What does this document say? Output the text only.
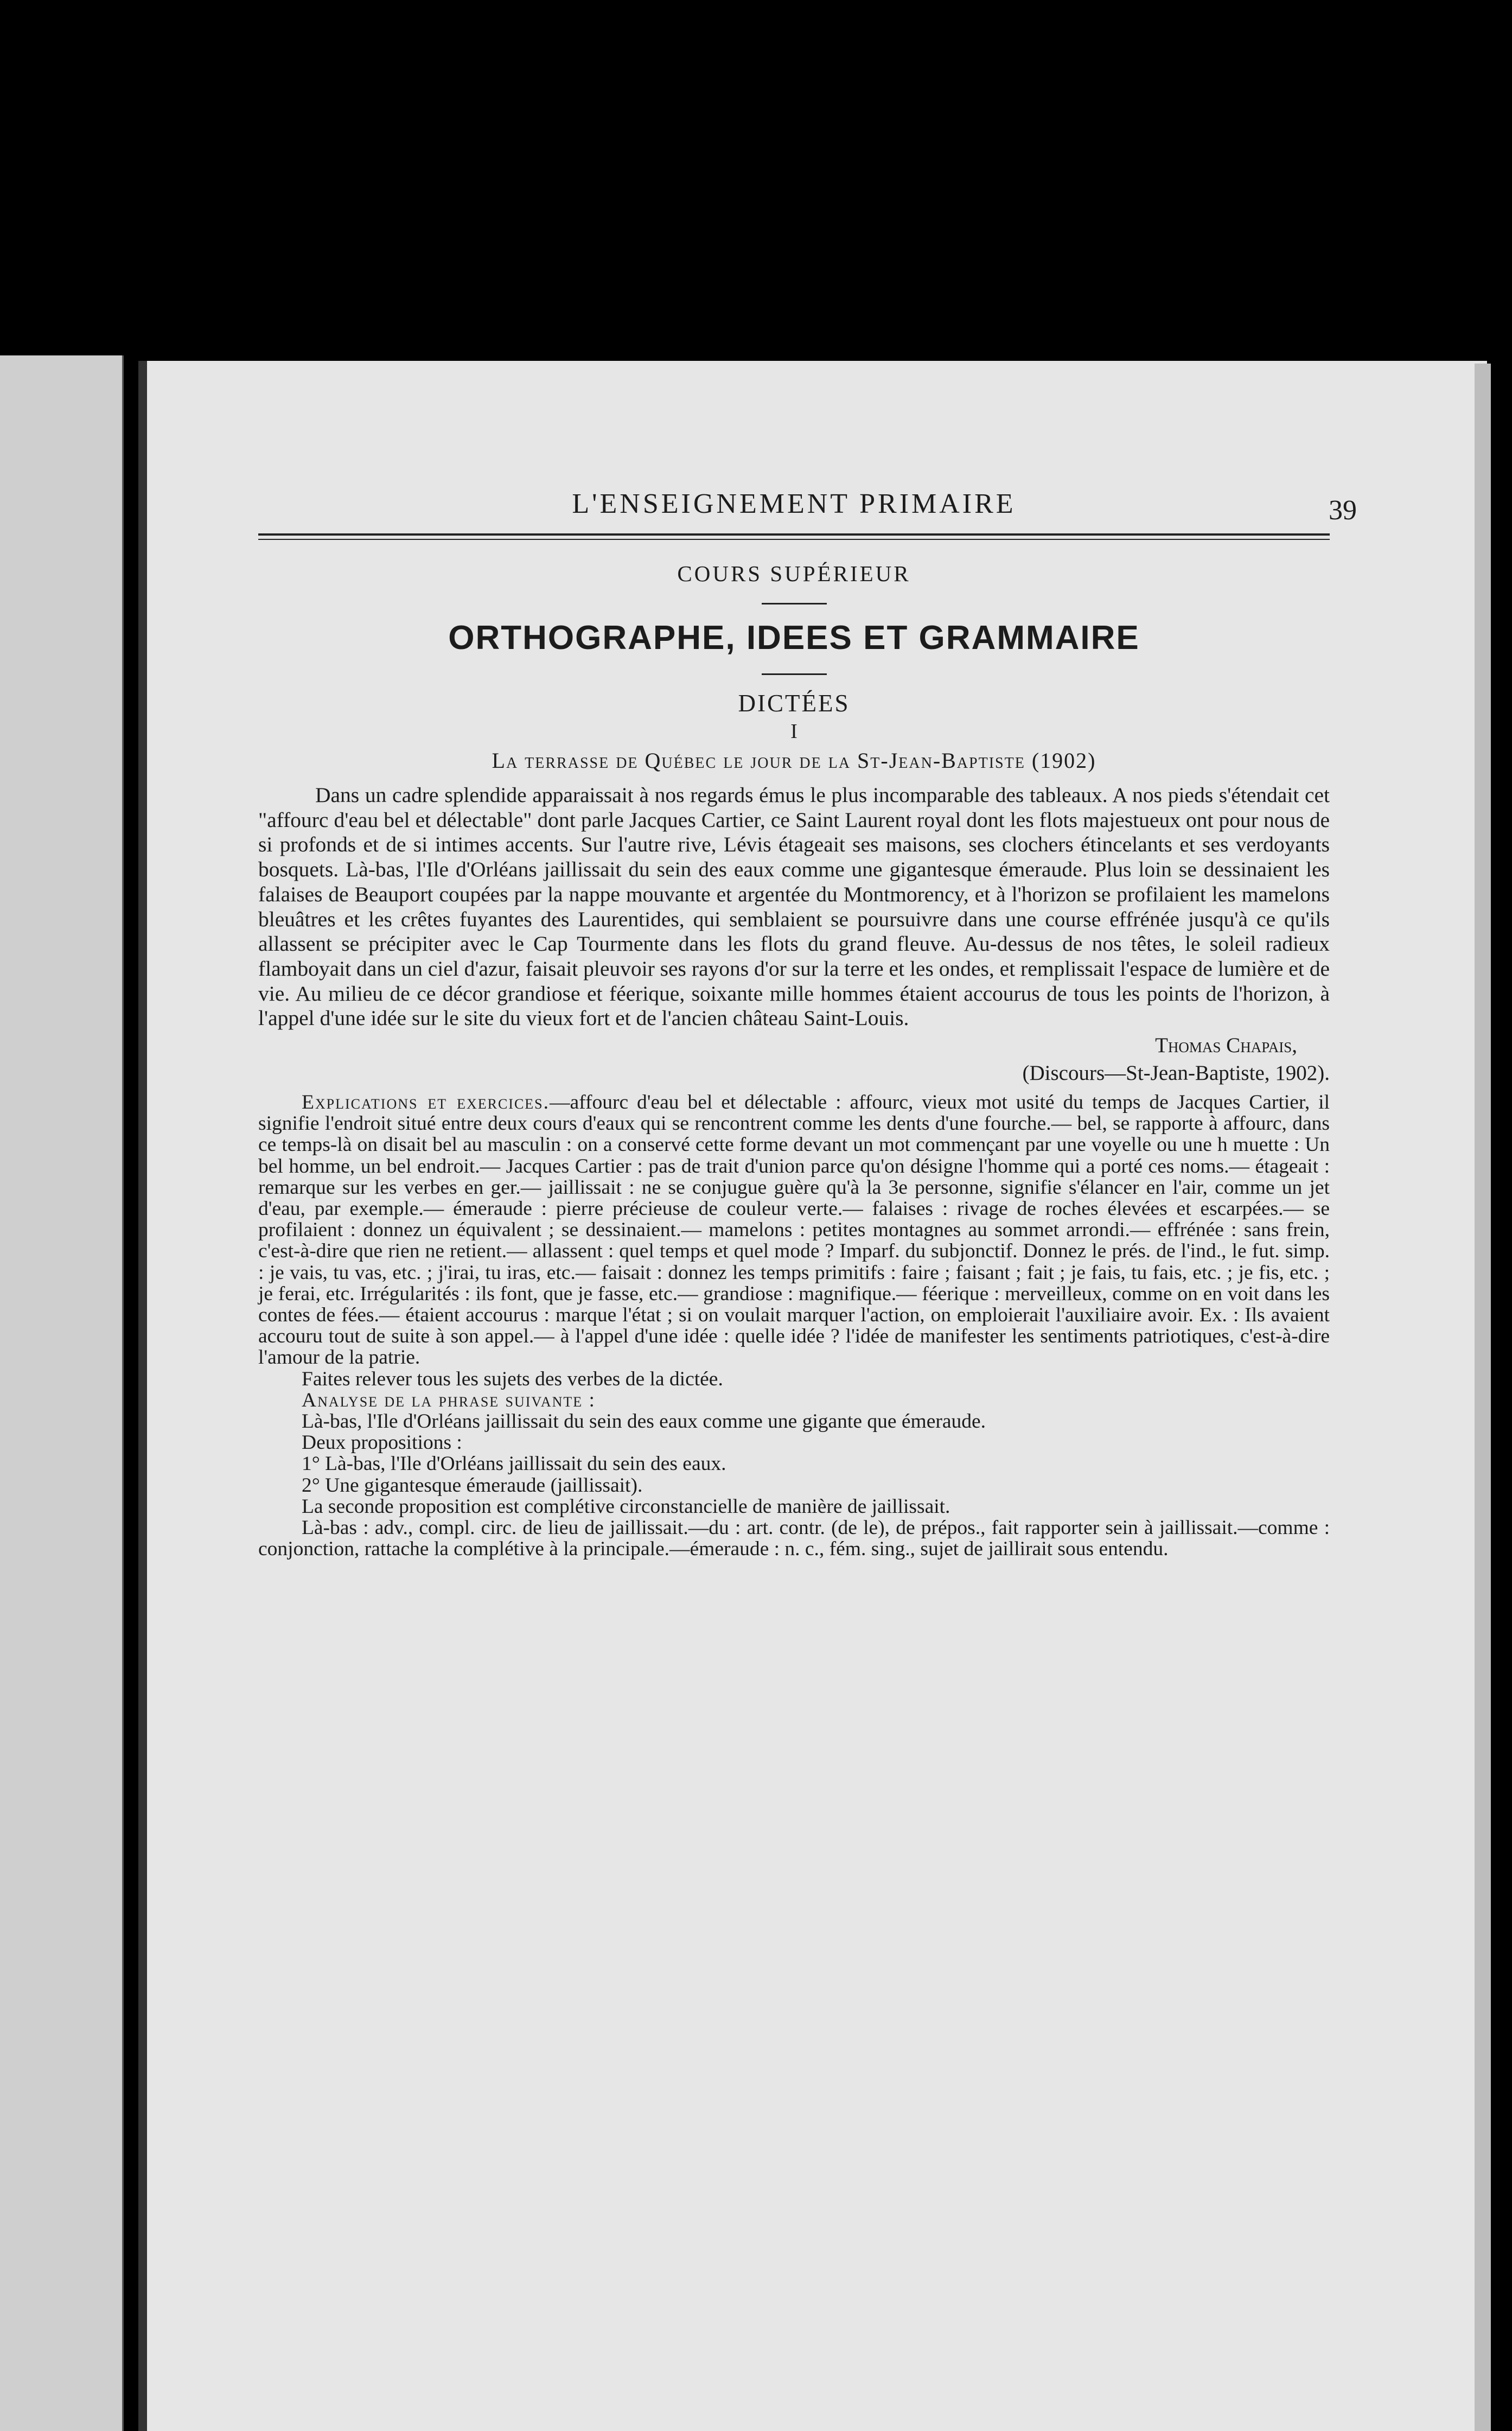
L'ENSEIGNEMENT PRIMAIRE	39
COURS SUPÉRIEUR
ORTHOGRAPHE, IDEES ET GRAMMAIRE
DICTÉES
I
La terrasse de Québec le jour de la St-Jean-Baptiste (1902)

Dans un cadre splendide apparaissait à nos regards émus le plus incomparable des tableaux. A nos pieds s'étendait cet "affourc d'eau bel et délectable" dont parle Jacques Cartier, ce Saint Laurent royal dont les flots majestueux ont pour nous de si profonds et de si intimes accents. Sur l'autre rive, Lévis étageait ses maisons, ses clochers étincelants et ses verdoyants bosquets. Là-bas, l'Ile d'Orléans jaillissait du sein des eaux comme une gigantesque émeraude. Plus loin se dessinaient les falaises de Beauport coupées par la nappe mouvante et argentée du Montmorency, et à l'horizon se profilaient les mamelons bleuâtres et les crêtes fuyantes des Laurentides, qui semblaient se poursuivre dans une course effrénée jusqu'à ce qu'ils allassent se précipiter avec le Cap Tourmente dans les flots du grand fleuve. Au-dessus de nos têtes, le soleil radieux flamboyait dans un ciel d'azur, faisait pleuvoir ses rayons d'or sur la terre et les ondes, et remplissait l'espace de lumière et de vie. Au milieu de ce décor grandiose et féerique, soixante mille hommes étaient accourus de tous les points de l'horizon, à l'appel d'une idée sur le site du vieux fort et de l'ancien château Saint-Louis.

Thomas Chapais,
(Discours—St-Jean-Baptiste, 1902).

Explications et exercices.—affourc d'eau bel et délectable : affourc, vieux mot usité du temps de Jacques Cartier, il signifie l'endroit situé entre deux cours d'eaux qui se rencontrent comme les dents d'une fourche.— bel, se rapporte à affourc, dans ce temps-là on disait bel au masculin : on a conservé cette forme devant un mot commençant par une voyelle ou une h muette : Un bel homme, un bel endroit.— Jacques Cartier : pas de trait d'union parce qu'on désigne l'homme qui a porté ces noms.— étageait : remarque sur les verbes en ger.— jaillissait : ne se conjugue guère qu'à la 3e personne, signifie s'élancer en l'air, comme un jet d'eau, par exemple.— émeraude : pierre précieuse de couleur verte.— falaises : rivage de roches élevées et escarpées.— se profilaient : donnez un équivalent ; se dessinaient.— mamelons : petites montagnes au sommet arrondi.— effrénée : sans frein, c'est-à-dire que rien ne retient.— allassent : quel temps et quel mode ? Imparf. du subjonctif. Donnez le prés. de l'ind., le fut. simp. : je vais, tu vas, etc. ; j'irai, tu iras, etc.— faisait : donnez les temps primitifs : faire ; faisant ; fait ; je fais, tu fais, etc. ; je fis, etc. ; je ferai, etc. Irrégularités : ils font, que je fasse, etc.— grandiose : magnifique.— féerique : merveilleux, comme on en voit dans les contes de fées.— étaient accourus : marque l'état ; si on voulait marquer l'action, on emploierait l'auxiliaire avoir. Ex. : Ils avaient accouru tout de suite à son appel.— à l'appel d'une idée : quelle idée ? l'idée de manifester les sentiments patriotiques, c'est-à-dire l'amour de la patrie.

Faites relever tous les sujets des verbes de la dictée.
Analyse de la phrase suivante :
Là-bas, l'Ile d'Orléans jaillissait du sein des eaux comme une gigante que émeraude.
Deux propositions :
1° Là-bas, l'Ile d'Orléans jaillissait du sein des eaux.
2° Une gigantesque émeraude (jaillissait).
La seconde proposition est complétive circonstancielle de manière de jaillissait.

Là-bas : adv., compl. circ. de lieu de jaillissait.—du : art. contr. (de le), de prépos., fait rapporter sein à jaillissait.—comme : conjonction, rattache la complétive à la principale.—émeraude : n. c., fém. sing., sujet de jaillirait sous entendu.
